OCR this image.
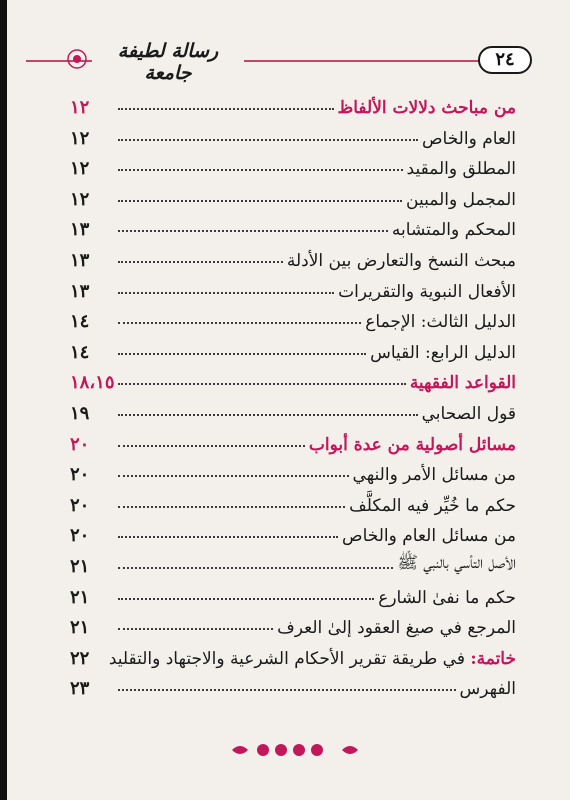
رسالة لطيفة جامعة
٢٤
من مباحث دلالات الألفاظ
١٢
العام والخاص
١٢
المطلق والمقيد
١٢
المجمل والمبين
١٢
المحكم والمتشابه
١٣
مبحث النسخ والتعارض بين الأدلة
١٣
الأفعال النبوية والتقريرات
١٣
الدليل الثالث: الإجماع
١٤
الدليل الرابع: القياس
١٤
القواعد الفقهية
١٨،١٥
قول الصحابي
١٩
مسائل أصولية من عدة أبواب
٢٠
من مسائل الأمر والنهي
٢٠
حكم ما خُيِّر فيه المكلَّف
٢٠
من مسائل العام والخاص
٢٠
الأصل التأسي بالنبي ﷺ
٢١
حكم ما نفىٰ الشارع
٢١
المرجع في صيغ العقود إلىٰ العرف
٢١
خاتمة: في طريقة تقرير الأحكام الشرعية والاجتهاد والتقليد
٢٢
الفهرس
٢٣
